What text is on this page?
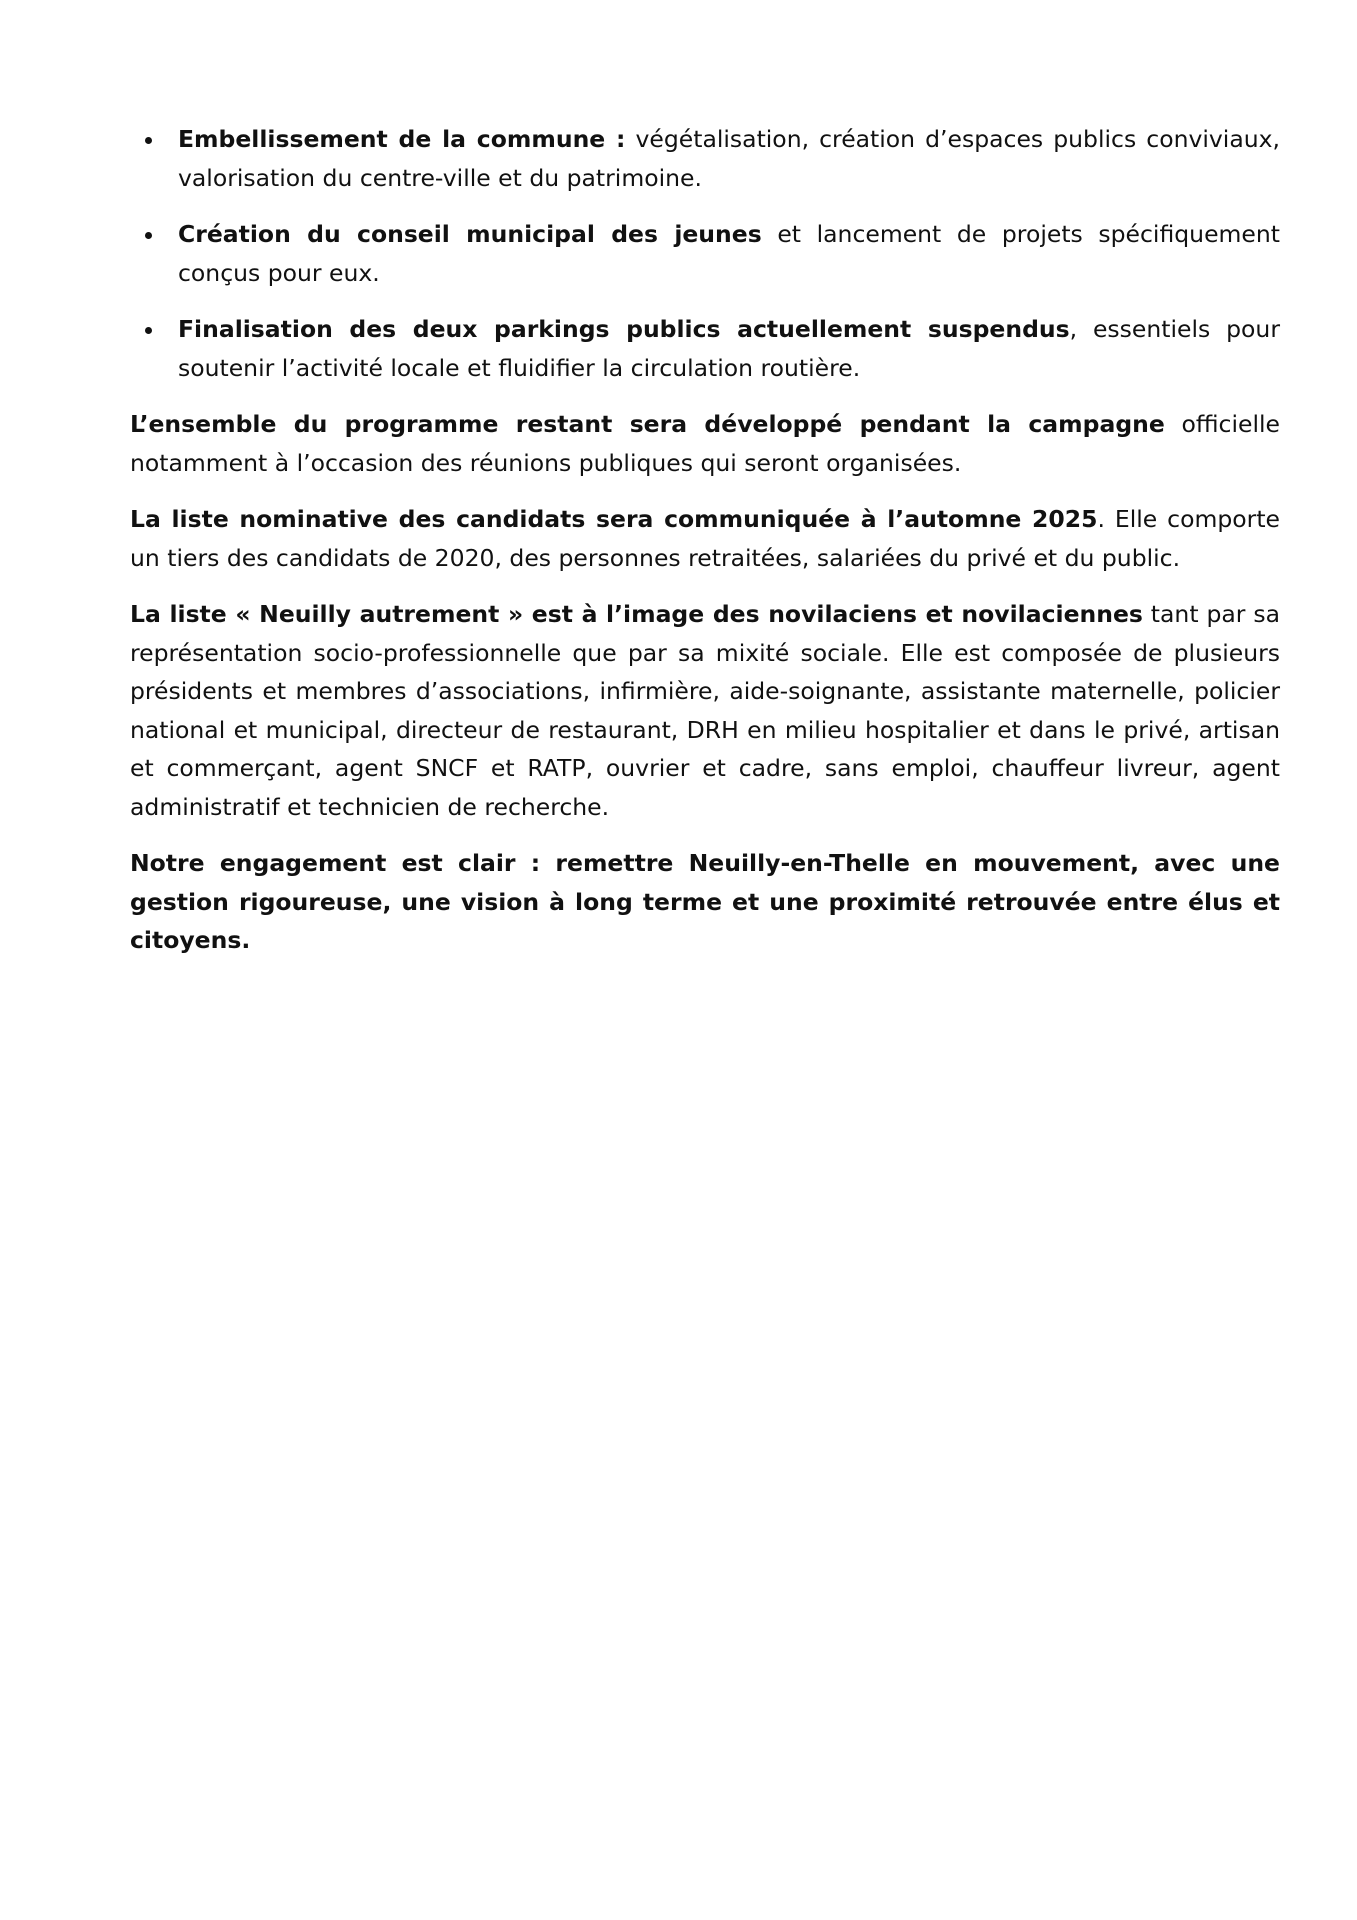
Embellissement de la commune : végétalisation, création d’espaces publics conviviaux, valorisation du centre-ville et du patrimoine.
Création du conseil municipal des jeunes et lancement de projets spécifiquement conçus pour eux.
Finalisation des deux parkings publics actuellement suspendus, essentiels pour soutenir l’activité locale et fluidifier la circulation routière.

L’ensemble du programme restant sera développé pendant la campagne officielle notamment à l’occasion des réunions publiques qui seront organisées.

La liste nominative des candidats sera communiquée à l’automne 2025. Elle comporte un tiers des candidats de 2020, des personnes retraitées, salariées du privé et du public.

La liste « Neuilly autrement » est à l’image des novilaciens et novilaciennes tant par sa représentation socio-professionnelle que par sa mixité sociale. Elle est composée de plusieurs présidents et membres d’associations, infirmière, aide-soignante, assistante maternelle, policier national et municipal, directeur de restaurant, DRH en milieu hospitalier et dans le privé, artisan et commerçant, agent SNCF et RATP, ouvrier et cadre, sans emploi, chauffeur livreur, agent administratif et technicien de recherche.

Notre engagement est clair : remettre Neuilly-en-Thelle en mouvement, avec une gestion rigoureuse, une vision à long terme et une proximité retrouvée entre élus et citoyens.
